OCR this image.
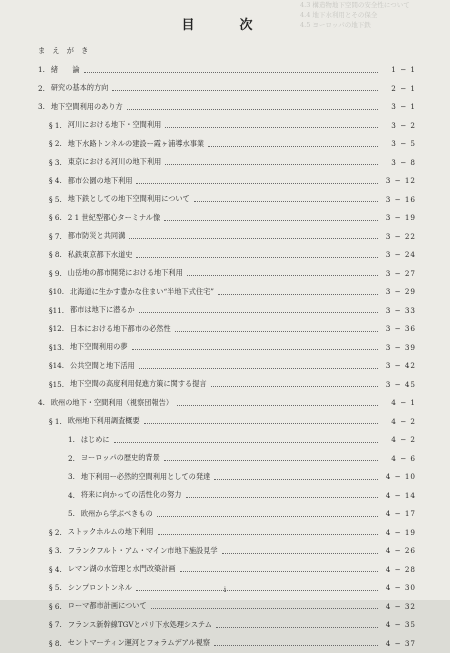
4.3 構造物地下空間の安全性について
4.4 地下水利用とその保全
4.5 ヨーロッパの地下鉄
目　次
ま　え　が　き
1. 緒　　論	1 − 1
2. 研究の基本的方向	2 − 1
3. 地下空間利用のあり方	3 − 1
§ 1. 河川における地下・空間利用	3 − 2
§ 2. 地下水路トンネルの建設ー霞ヶ浦導水事業	3 − 5
§ 3. 東京における河川の地下利用	3 − 8
§ 4. 都市公園の地下利用	3 − 12
§ 5. 地下鉄としての地下空間利用について	3 − 16
§ 6. 2 1 世紀型都心ターミナル像	3 − 19
§ 7. 都市防災と共同溝	3 − 22
§ 8. 私鉄東京都下水道史	3 − 24
§ 9. 山岳地の都市開発における地下利用	3 − 27
§10. 北海道に生かす豊かな住まい“半地下式住宅”	3 − 29
§11. 都市は地下に潜るか	3 − 33
§12. 日本における地下都市の必然性	3 − 36
§13. 地下空間利用の夢	3 − 39
§14. 公共空間と地下活用	3 − 42
§15. 地下空間の高度利用促進方策に関する提言	3 − 45
4. 欧州の地下・空間利用（視察団報告）	4 − 1
§ 1. 欧州地下利用調査概要	4 − 2
1. はじめに	4 − 2
2. ヨーロッパの歴史的背景	4 − 6
3. 地下利用ー必然的空間利用としての発達	4 − 10
4. 将来に向かっての活性化の努力	4 − 14
5. 欧州から学ぶべきもの	4 − 17
§ 2. ストックホルムの地下利用	4 − 19
§ 3. フランクフルト・アム・マイン市地下施設見学	4 − 26
§ 4. レマン湖の水管理と水門改築計画	4 − 28
§ 5. シンプロントンネル	4 − 30
§ 6. ローマ都市計画について	4 − 32
§ 7. フランス新幹線TGVとパリ下水処理システム	4 − 35
§ 8. セントマーティン運河とフォラムデアル視察	4 − 37
i
